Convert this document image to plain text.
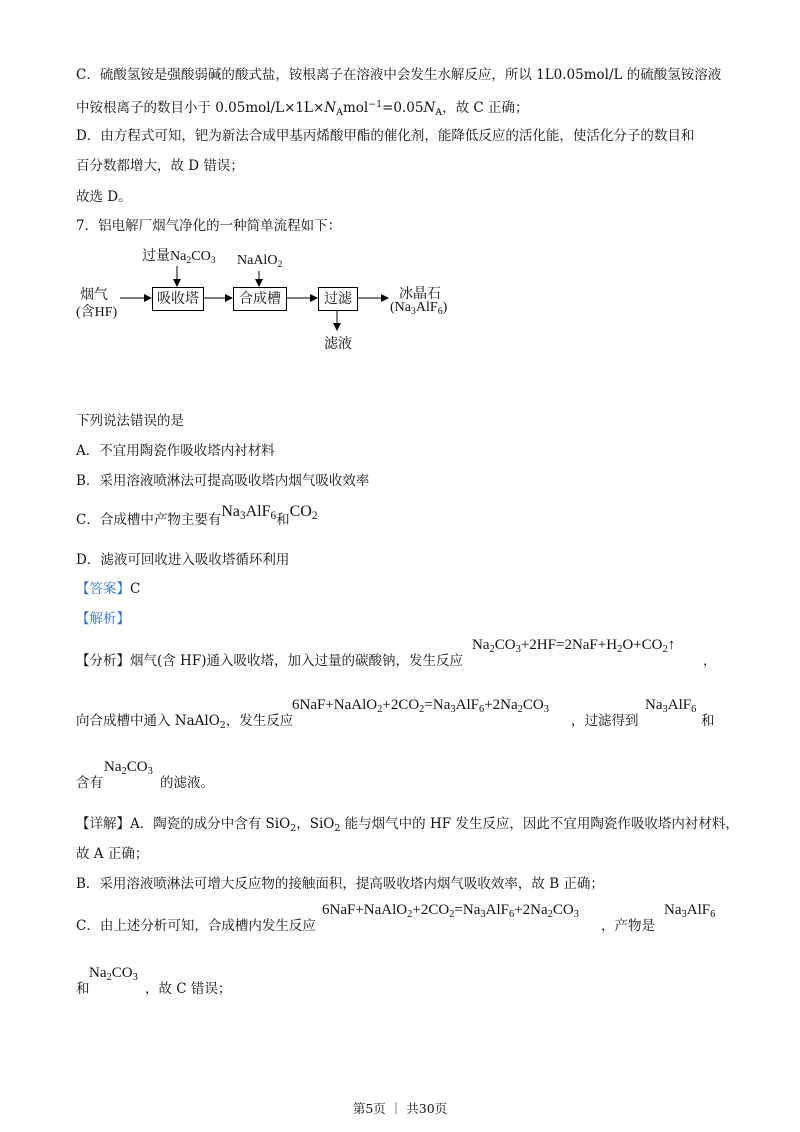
C．硫酸氢铵是强酸弱碱的酸式盐，铵根离子在溶液中会发生水解反应，所以 1L0.05mol/L 的硫酸氢铵溶液
中铵根离子的数目小于 $0.05mol/L\times 1L\times N_Amol^{-1}=0.05N_A$，故 C 正确；
D．由方程式可知，钯为新法合成甲基丙烯酸甲酯的催化剂，能降低反应的活化能，使活化分子的数目和
百分数都增大，故 D 错误；
故选 D。
7．铝电解厂烟气净化的一种简单流程如下：
烟气
(含HF)
过量$Na_2CO_3$ NaAlO$_2$
吸收塔	合成槽	过滤	冰晶石
$(Na_3AlF_6)$
滤液
下列说法错误的是
A．不宜用陶瓷作吸收塔内衬材料
B．采用溶液喷淋法可提高吸收塔内烟气吸收效率
C．合成槽中产物主要有$Na_3AlF_6$和$CO_2$
D．滤液可回收进入吸收塔循环利用
【答案】C
【解析】
【分析】烟气(含 HF)通入吸收塔，加入过量的碳酸钠，发生反应
$Na_2CO_3+2HF=2NaF+H_2O+CO_2↑$
，
向合成槽中通入 NaAlO$_2$，发生反应
$6NaF+NaAlO_2+2CO_2=Na_3AlF_6+2Na_2CO_3$
，过滤得到
$Na_3AlF_6$
和
含有
$Na_2CO_3$
的滤液。
【详解】A．陶瓷的成分中含有 SiO$_2$，SiO$_2$ 能与烟气中的 HF 发生反应，因此不宜用陶瓷作吸收塔内衬材料，
故 A 正确；
B．采用溶液喷淋法可增大反应物的接触面积，提高吸收塔内烟气吸收效率，故 B 正确；
C．由上述分析可知，合成槽内发生反应
$6NaF+NaAlO_2+2CO_2=Na_3AlF_6+2Na_2CO_3$
，产物是
$Na_3AlF_6$
和
$Na_2CO_3$
，故 C 错误；
第5页 ｜ 共30页
